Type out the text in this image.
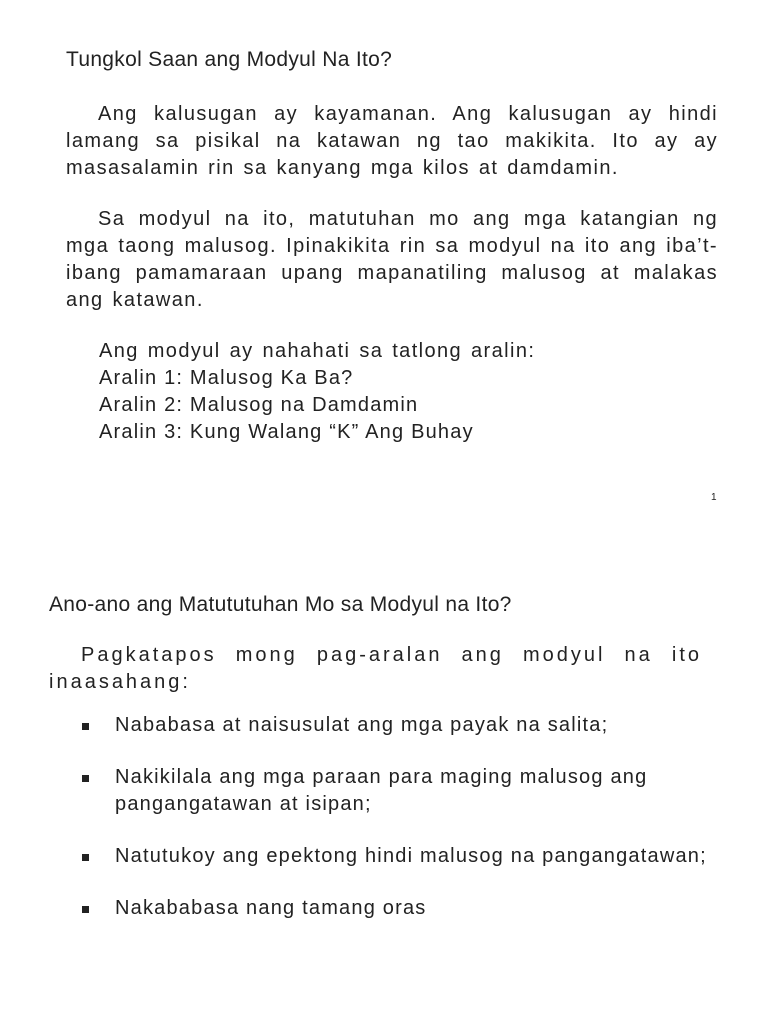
Tungkol Saan ang Modyul Na Ito?

Ang kalusugan ay kayamanan. Ang kalusugan ay hindi lamang sa pisikal na katawan ng tao makikita. Ito ay ay masasalamin rin sa kanyang mga kilos at damdamin.

Sa modyul na ito, matutuhan mo ang mga katangian ng mga taong malusog. Ipinakikita rin sa modyul na ito ang iba’t-ibang pamamaraan upang mapanatiling malusog at malakas ang katawan.

Ang modyul ay nahahati sa tatlong aralin:

Aralin 1: Malusog Ka Ba?
Aralin 2: Malusog na Damdamin
Aralin 3: Kung Walang “K” Ang Buhay
1
Ano-ano ang Matututuhan Mo sa Modyul na Ito?

Pagkatapos mong pag-aralan ang modyul na ito inaasahang:

Nababasa at naisusulat ang mga payak na salita;
Nakikilala ang mga paraan para maging malusog ang pangangatawan at isipan;
Natutukoy ang epektong hindi malusog na pangangatawan;
Nakababasa nang tamang oras
